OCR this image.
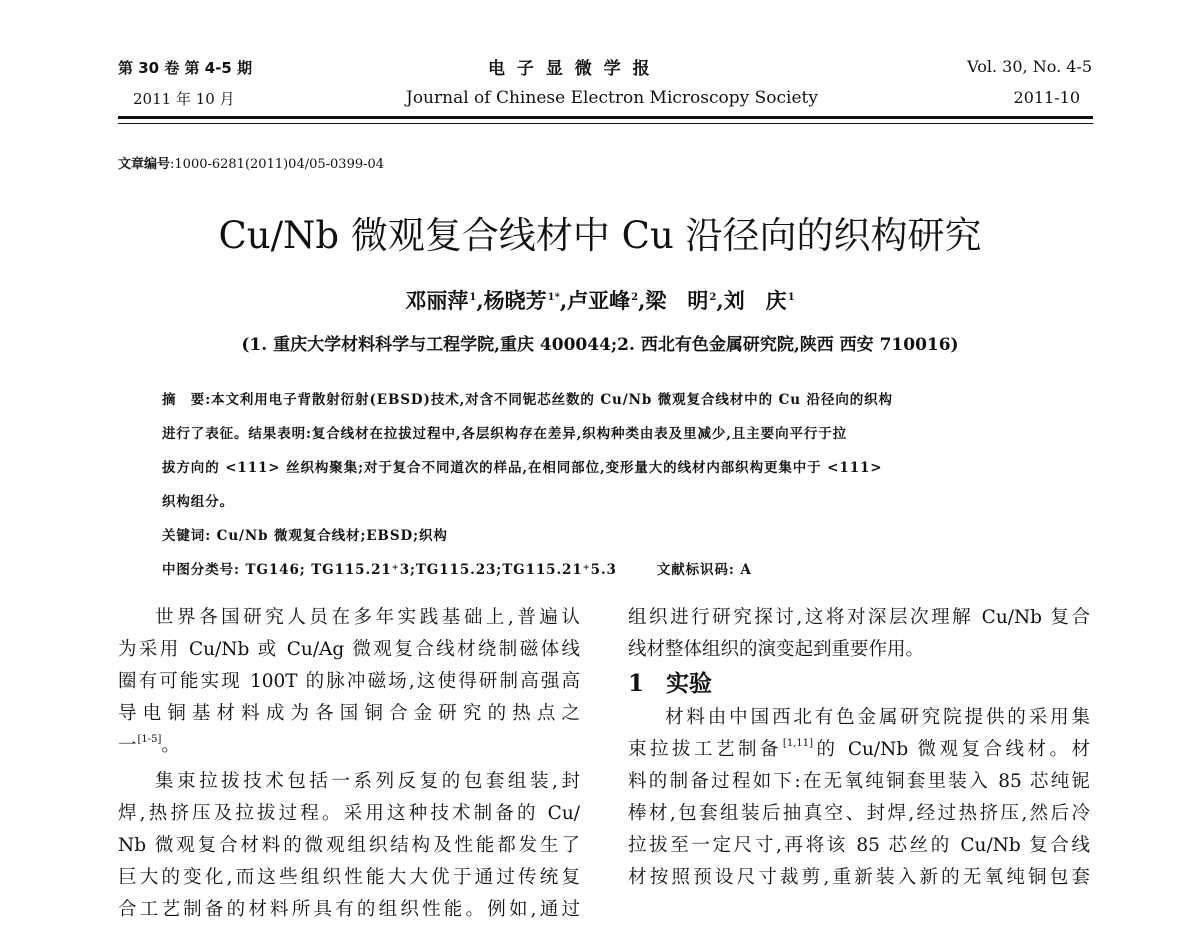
第 30 卷 第 4-5 期
2011 年 10 月
电 子 显 微 学 报
Journal of Chinese Electron Microscopy Society
Vol. 30, No. 4-5
2011-10
文章编号:1000-6281(2011)04/05-0399-04
Cu/Nb 微观复合线材中 Cu 沿径向的织构研究
邓丽萍$^1$,杨晓芳$^{1*}$,卢亚峰$^2$,梁　明$^2$,刘　庆$^1$
(1. 重庆大学材料科学与工程学院,重庆 400044;2. 西北有色金属研究院,陕西 西安 710016)

摘　要:本文利用电子背散射衍射(EBSD)技术,对含不同铌芯丝数的 Cu/Nb 微观复合线材中的 Cu 沿径向的织构

进行了表征。结果表明:复合线材在拉拔过程中,各层织构存在差异,织构种类由表及里减少,且主要向平行于拉

拔方向的 <111> 丝织构聚集;对于复合不同道次的样品,在相同部位,变形量大的线材内部织构更集中于 <111>

织构组分。

关键词: Cu/Nb 微观复合线材;EBSD;织构

中图分类号: TG146; TG115.21⁺3;TG115.23;TG115.21⁺5.3	文献标识码: A

世界各国研究人员在多年实践基础上,普遍认

为采用 Cu/Nb 或 Cu/Ag 微观复合线材绕制磁体线

圈有可能实现 100T 的脉冲磁场,这使得研制高强高

导电铜基材料成为各国铜合金研究的热点之

一[1-5]。

集束拉拔技术包括一系列反复的包套组装,封

焊,热挤压及拉拔过程。采用这种技术制备的 Cu/

Nb 微观复合材料的微观组织结构及性能都发生了

巨大的变化,而这些组织性能大大优于通过传统复

合工艺制备的材料所具有的组织性能。例如,通过

组织进行研究探讨,这将对深层次理解 Cu/Nb 复合

线材整体组织的演变起到重要作用。

1 实验

材料由中国西北有色金属研究院提供的采用集

束拉拔工艺制备[1,11]的 Cu/Nb 微观复合线材。材

料的制备过程如下:在无氧纯铜套里装入 85 芯纯铌

棒材,包套组装后抽真空、封焊,经过热挤压,然后冷

拉拔至一定尺寸,再将该 85 芯丝的 Cu/Nb 复合线

材按照预设尺寸裁剪,重新装入新的无氧纯铜包套
